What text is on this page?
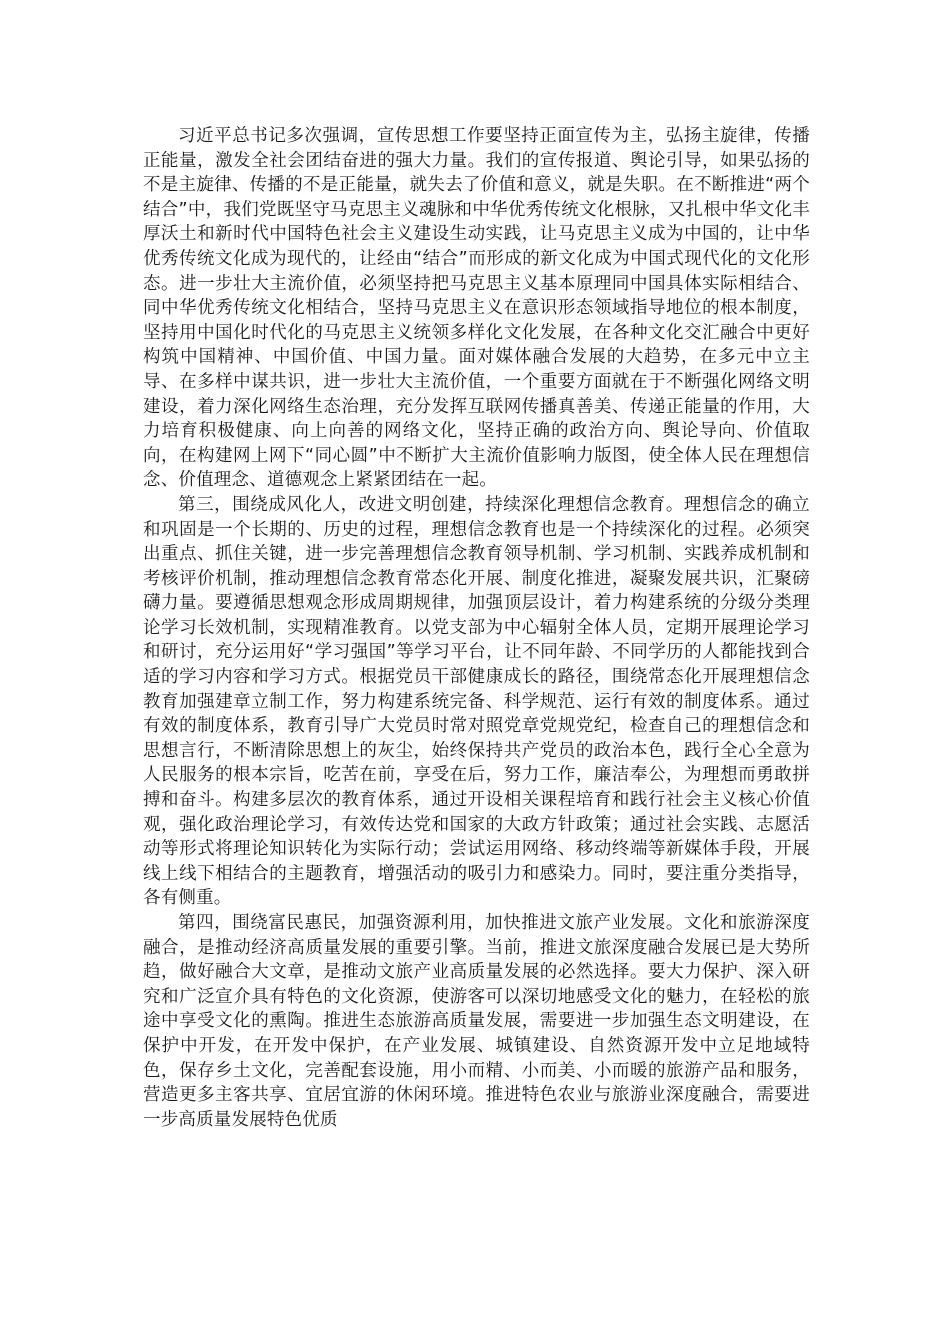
习近平总书记多次强调，宣传思想工作要坚持正面宣传为主，弘扬主旋律，传播正能量，激发全社会团结奋进的强大力量。我们的宣传报道、舆论引导，如果弘扬的不是主旋律、传播的不是正能量，就失去了价值和意义，就是失职。在不断推进“两个结合”中，我们党既坚守马克思主义魂脉和中华优秀传统文化根脉，又扎根中华文化丰厚沃土和新时代中国特色社会主义建设生动实践，让马克思主义成为中国的，让中华优秀传统文化成为现代的，让经由“结合”而形成的新文化成为中国式现代化的文化形态。进一步壮大主流价值，必须坚持把马克思主义基本原理同中国具体实际相结合、同中华优秀传统文化相结合，坚持马克思主义在意识形态领域指导地位的根本制度，坚持用中国化时代化的马克思主义统领多样化文化发展，在各种文化交汇融合中更好构筑中国精神、中国价值、中国力量。面对媒体融合发展的大趋势，在多元中立主导、在多样中谋共识，进一步壮大主流价值，一个重要方面就在于不断强化网络文明建设，着力深化网络生态治理，充分发挥互联网传播真善美、传递正能量的作用，大力培育积极健康、向上向善的网络文化，坚持正确的政治方向、舆论导向、价值取向，在构建网上网下“同心圆”中不断扩大主流价值影响力版图，使全体人民在理想信念、价值理念、道德观念上紧紧团结在一起。

第三，围绕成风化人，改进文明创建，持续深化理想信念教育。理想信念的确立和巩固是一个长期的、历史的过程，理想信念教育也是一个持续深化的过程。必须突出重点、抓住关键，进一步完善理想信念教育领导机制、学习机制、实践养成机制和考核评价机制，推动理想信念教育常态化开展、制度化推进，凝聚发展共识，汇聚磅礴力量。要遵循思想观念形成周期规律，加强顶层设计，着力构建系统的分级分类理论学习长效机制，实现精准教育。以党支部为中心辐射全体人员，定期开展理论学习和研讨，充分运用好“学习强国”等学习平台，让不同年龄、不同学历的人都能找到合适的学习内容和学习方式。根据党员干部健康成长的路径，围绕常态化开展理想信念教育加强建章立制工作，努力构建系统完备、科学规范、运行有效的制度体系。通过有效的制度体系，教育引导广大党员时常对照党章党规党纪，检查自己的理想信念和思想言行，不断清除思想上的灰尘，始终保持共产党员的政治本色，践行全心全意为人民服务的根本宗旨，吃苦在前，享受在后，努力工作，廉洁奉公，为理想而勇敢拼搏和奋斗。构建多层次的教育体系，通过开设相关课程培育和践行社会主义核心价值观，强化政治理论学习，有效传达党和国家的大政方针政策；通过社会实践、志愿活动等形式将理论知识转化为实际行动；尝试运用网络、移动终端等新媒体手段，开展线上线下相结合的主题教育，增强活动的吸引力和感染力。同时，要注重分类指导，各有侧重。

第四，围绕富民惠民，加强资源利用，加快推进文旅产业发展。文化和旅游深度融合，是推动经济高质量发展的重要引擎。当前，推进文旅深度融合发展已是大势所趋，做好融合大文章，是推动文旅产业高质量发展的必然选择。要大力保护、深入研究和广泛宣介具有特色的文化资源，使游客可以深切地感受文化的魅力，在轻松的旅途中享受文化的熏陶。推进生态旅游高质量发展，需要进一步加强生态文明建设，在保护中开发，在开发中保护，在产业发展、城镇建设、自然资源开发中立足地域特色，保存乡土文化，完善配套设施，用小而精、小而美、小而暖的旅游产品和服务，营造更多主客共享、宜居宜游的休闲环境。推进特色农业与旅游业深度融合，需要进一步高质量发展特色优质
